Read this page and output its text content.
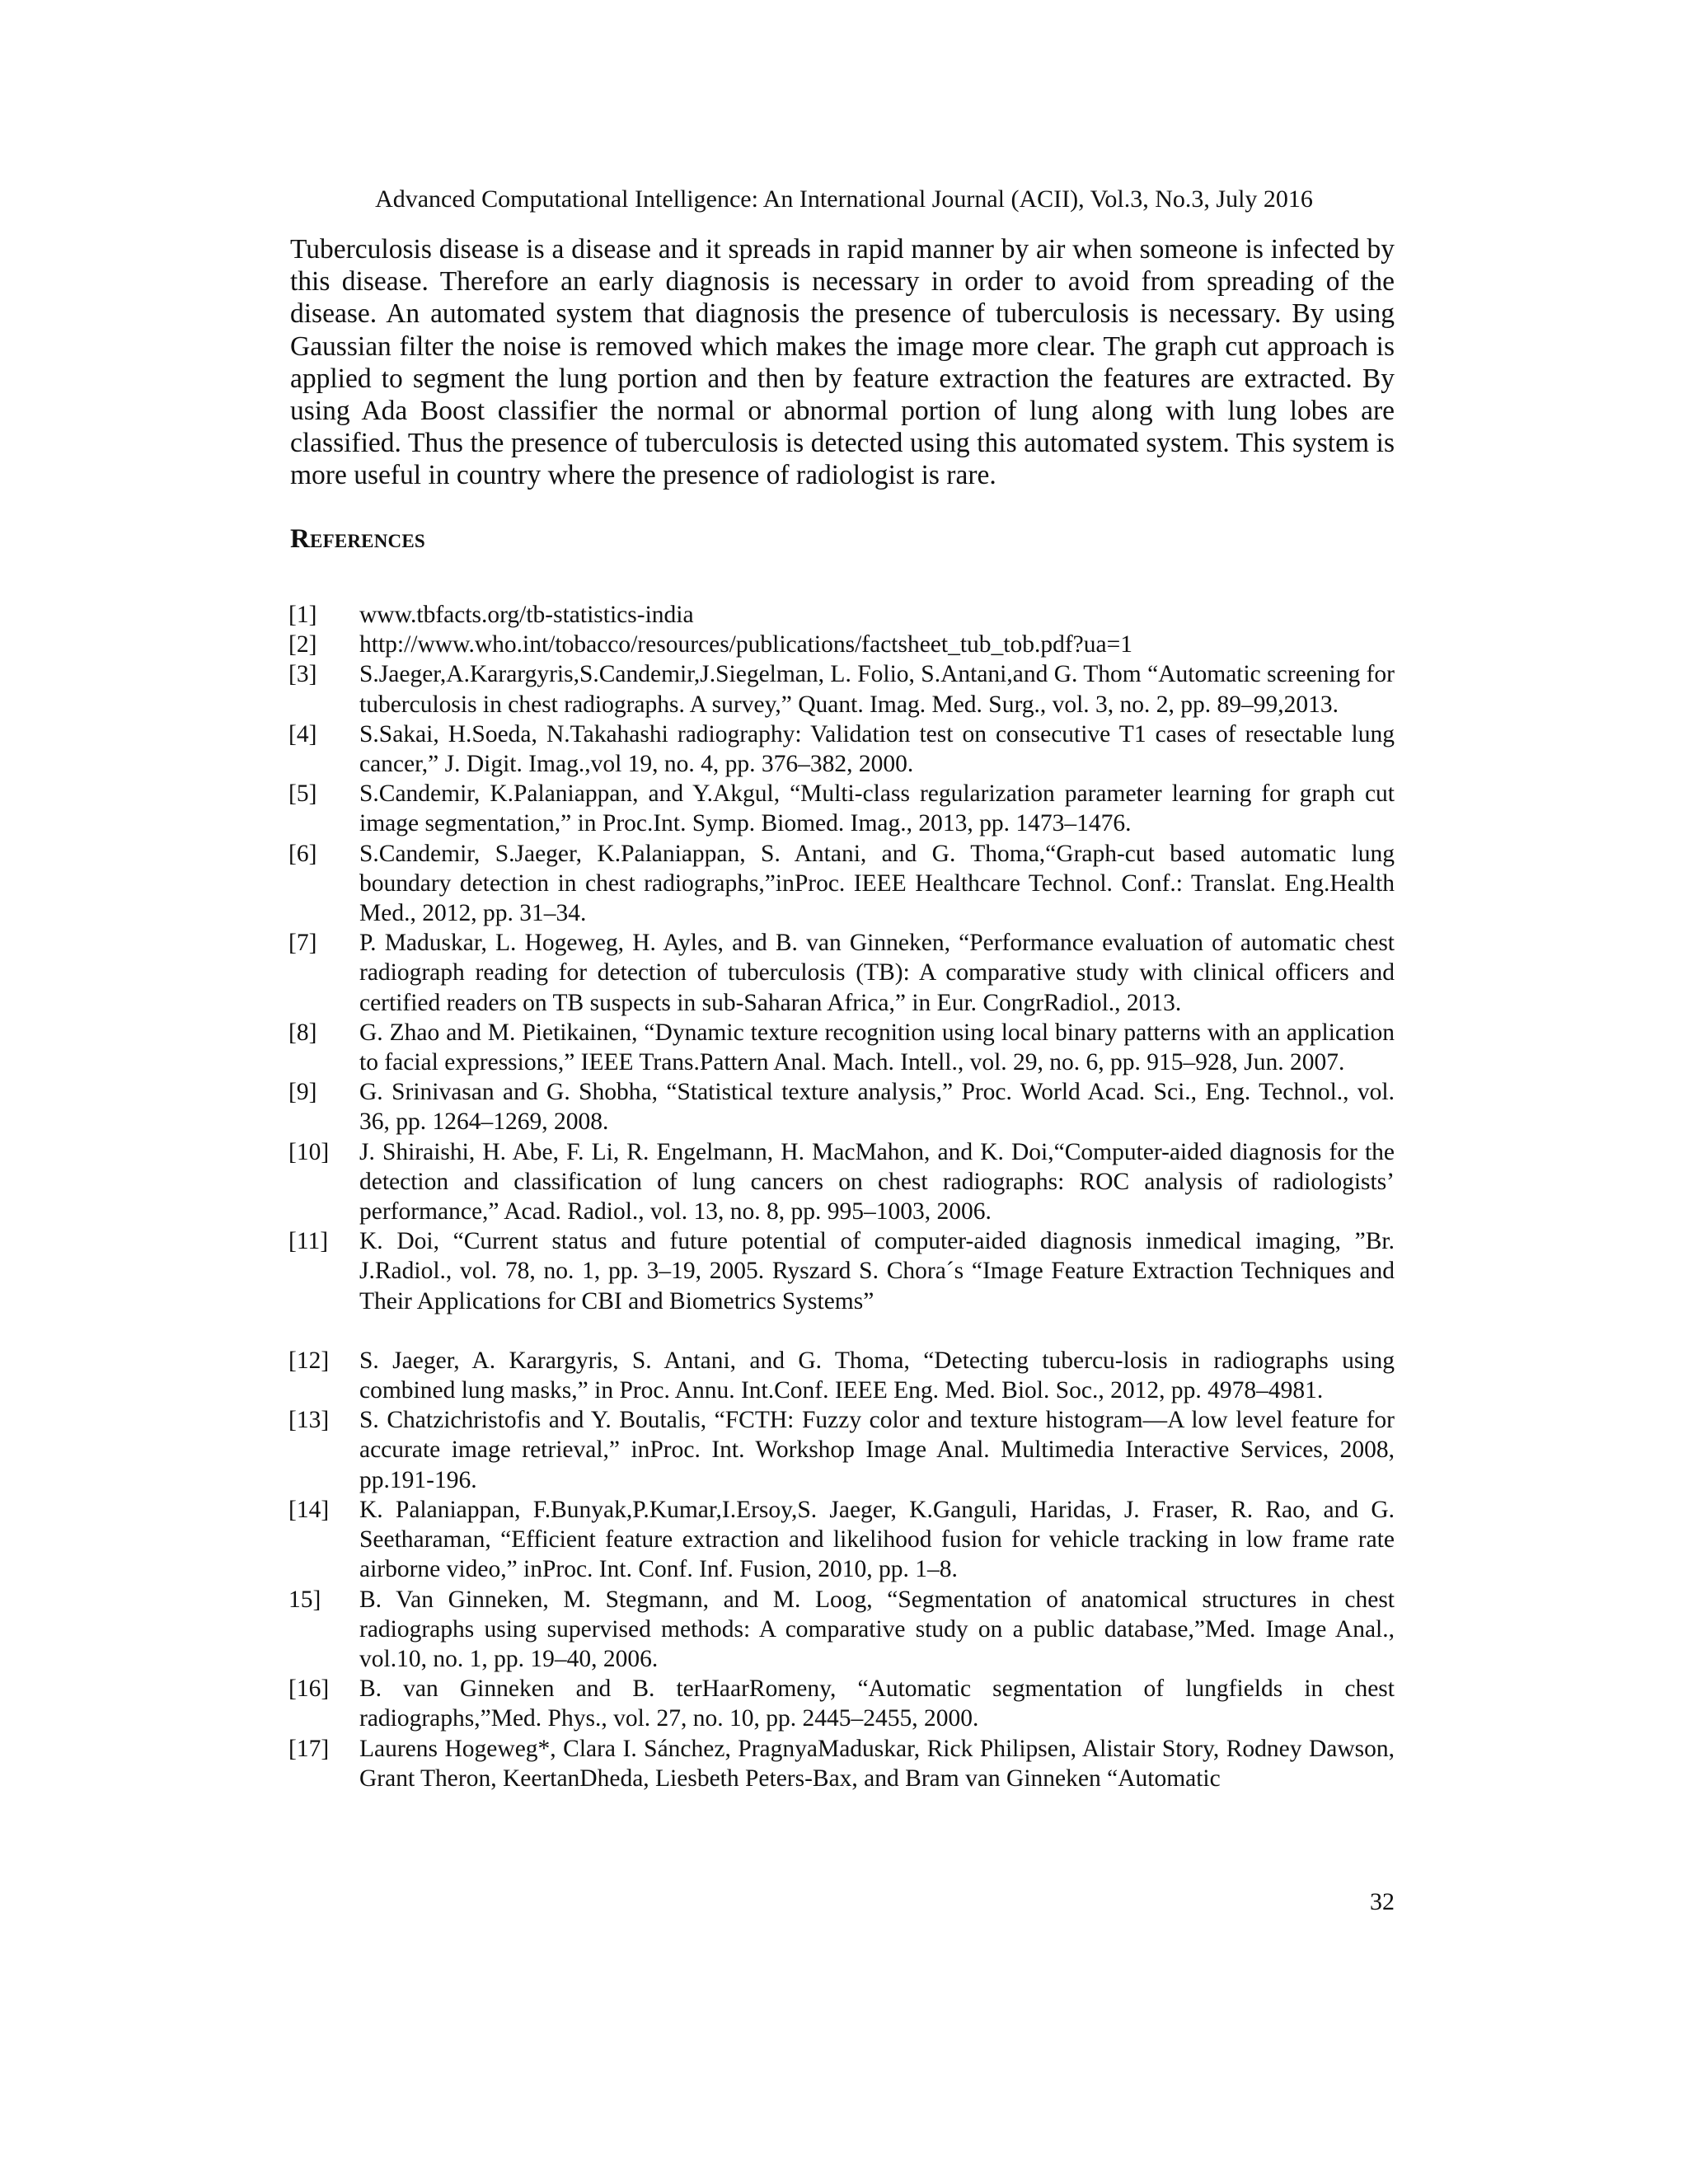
Advanced Computational Intelligence: An International Journal (ACII), Vol.3, No.3, July 2016

Tuberculosis disease is a disease and it spreads in rapid manner by air when someone is infected by this disease. Therefore an early diagnosis is necessary in order to avoid from spreading of the disease. An automated system that diagnosis the presence of tuberculosis is necessary. By using Gaussian filter the noise is removed which makes the image more clear. The graph cut approach is applied to segment the lung portion and then by feature extraction the features are extracted. By using Ada Boost classifier the normal or abnormal portion of lung along with lung lobes are classified. Thus the presence of tuberculosis is detected using this automated system. This system is more useful in country where the presence of radiologist is rare.

References
[1] www.tbfacts.org/tb-statistics-india
[2] http://www.who.int/tobacco/resources/publications/factsheet_tub_tob.pdf?ua=1
[3] S.Jaeger,A.Karargyris,S.Candemir,J.Siegelman, L. Folio, S.Antani,and G. Thom “Automatic screening for tuberculosis in chest radiographs. A survey,” Quant. Imag. Med. Surg., vol. 3, no. 2, pp. 89–99,2013.
[4] S.Sakai, H.Soeda, N.Takahashi radiography: Validation test on consecutive T1 cases of resectable lung cancer,” J. Digit. Imag.,vol 19, no. 4, pp. 376–382, 2000.
[5] S.Candemir, K.Palaniappan, and Y.Akgul, “Multi-class regularization parameter learning for graph cut image segmentation,” in Proc.Int. Symp. Biomed. Imag., 2013, pp. 1473–1476.
[6] S.Candemir, S.Jaeger, K.Palaniappan, S. Antani, and G. Thoma,“Graph-cut based automatic lung boundary detection in chest radiographs,”inProc. IEEE Healthcare Technol. Conf.: Translat. Eng.Health Med., 2012, pp. 31–34.
[7] P. Maduskar, L. Hogeweg, H. Ayles, and B. van Ginneken, “Performance evaluation of automatic chest radiograph reading for detection of tuberculosis (TB): A comparative study with clinical officers and certified readers on TB suspects in sub-Saharan Africa,” in Eur. CongrRadiol., 2013.
[8] G. Zhao and M. Pietikainen, “Dynamic texture recognition using local binary patterns with an application to facial expressions,” IEEE Trans.Pattern Anal. Mach. Intell., vol. 29, no. 6, pp. 915–928, Jun. 2007.
[9] G. Srinivasan and G. Shobha, “Statistical texture analysis,” Proc. World Acad. Sci., Eng. Technol., vol. 36, pp. 1264–1269, 2008.
[10] J. Shiraishi, H. Abe, F. Li, R. Engelmann, H. MacMahon, and K. Doi,“Computer-aided diagnosis for the detection and classification of lung cancers on chest radiographs: ROC analysis of radiologists’ performance,” Acad. Radiol., vol. 13, no. 8, pp. 995–1003, 2006.
[11] K. Doi, “Current status and future potential of computer-aided diagnosis inmedical imaging, ”Br. J.Radiol., vol. 78, no. 1, pp. 3–19, 2005. Ryszard S. Chora´s “Image Feature Extraction Techniques and Their Applications for CBI and Biometrics Systems”
[12] S. Jaeger, A. Karargyris, S. Antani, and G. Thoma, “Detecting tubercu-losis in radiographs using combined lung masks,” in Proc. Annu. Int.Conf. IEEE Eng. Med. Biol. Soc., 2012, pp. 4978–4981.
[13] S. Chatzichristofis and Y. Boutalis, “FCTH: Fuzzy color and texture histogram—A low level feature for accurate image retrieval,” inProc. Int. Workshop Image Anal. Multimedia Interactive Services, 2008, pp.191-196.
[14] K. Palaniappan, F.Bunyak,P.Kumar,I.Ersoy,S. Jaeger, K.Ganguli, Haridas, J. Fraser, R. Rao, and G. Seetharaman, “Efficient feature extraction and likelihood fusion for vehicle tracking in low frame rate airborne video,” inProc. Int. Conf. Inf. Fusion, 2010, pp. 1–8.
15] B. Van Ginneken, M. Stegmann, and M. Loog, “Segmentation of anatomical structures in chest radiographs using supervised methods: A comparative study on a public database,”Med. Image Anal., vol.10, no. 1, pp. 19–40, 2006.
[16] B. van Ginneken and B. terHaarRomeny, “Automatic segmentation of lungfields in chest radiographs,”Med. Phys., vol. 27, no. 10, pp. 2445–2455, 2000.
[17] Laurens Hogeweg*, Clara I. Sánchez, PragnyaMaduskar, Rick Philipsen, Alistair Story, Rodney Dawson, Grant Theron, KeertanDheda, Liesbeth Peters-Bax, and Bram van Ginneken “Automatic
32
